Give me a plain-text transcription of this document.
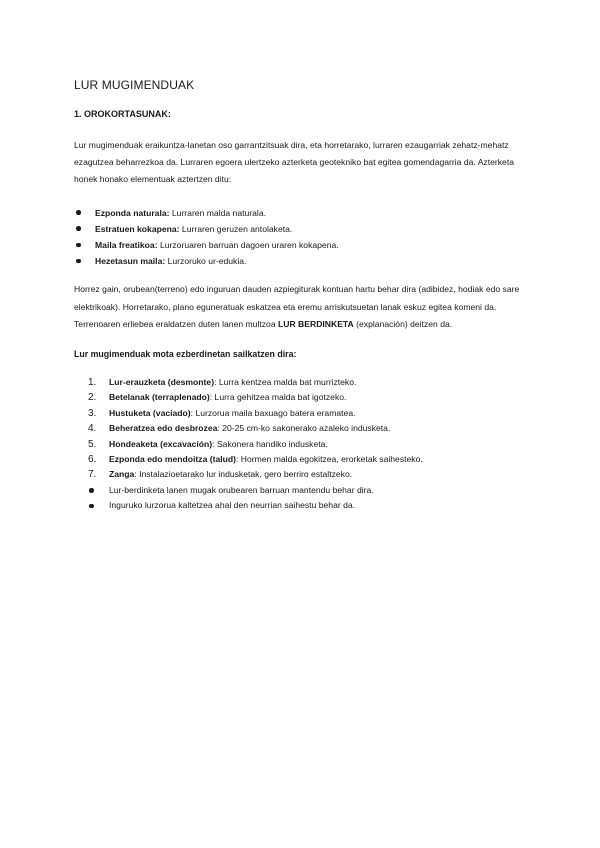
LUR MUGIMENDUAK
1. OROKORTASUNAK:

Lur mugimenduak eraikuntza-lanetan oso garrantzitsuak dira, eta horretarako, lurraren ezaugarriak zehatz-mehatz ezagutzea beharrezkoa da. Lurraren egoera ulertzeko azterketa geotekniko bat egitea gomendagarria da. Azterketa honek honako elementuak aztertzen ditu:

Ezponda naturala: Lurraren malda naturala.
Estratuen kokapena: Lurraren geruzen antolaketa.
Maila freatikoa: Lurzoruaren barruan dagoen uraren kokapena.
Hezetasun maila: Lurzoruko ur-edukia.

Horrez gain, orubean(terreno) edo inguruan dauden azpiegiturak kontuan hartu behar dira (adibidez, hodiak edo sare elektrikoak). Horretarako, plano eguneratuak eskatzea eta eremu arriskutsuetan lanak eskuz egitea komeni da. Terrenoaren erliebea eraldatzen duten lanen multzoa LUR BERDINKETA (explanación) deitzen da.

Lur mugimenduak mota ezberdinetan sailkatzen dira:
1. Lur-erauzketa (desmonte): Lurra kentzea malda bat murrizteko.
2. Betelanak (terraplenado): Lurra gehitzea malda bat igotzeko.
3. Hustuketa (vaciado): Lurzorua maila baxuago batera eramatea.
4. Beheratzea edo desbrozea: 20-25 cm-ko sakonerako azaleko indusketa.
5. Hondeaketa (excavación): Sakonera handiko indusketa.
6. Ezponda edo mendoitza (talud): Hormen malda egokitzea, erorketak saihesteko.
7. Zanga: Instalazioetarako lur indusketak, gero berriro estaltzeko.
Lur-berdinketa lanen mugak orubearen barruan mantendu behar dira.
Inguruko lurzorua kaltetzea ahal den neurrian saihestu behar da.
